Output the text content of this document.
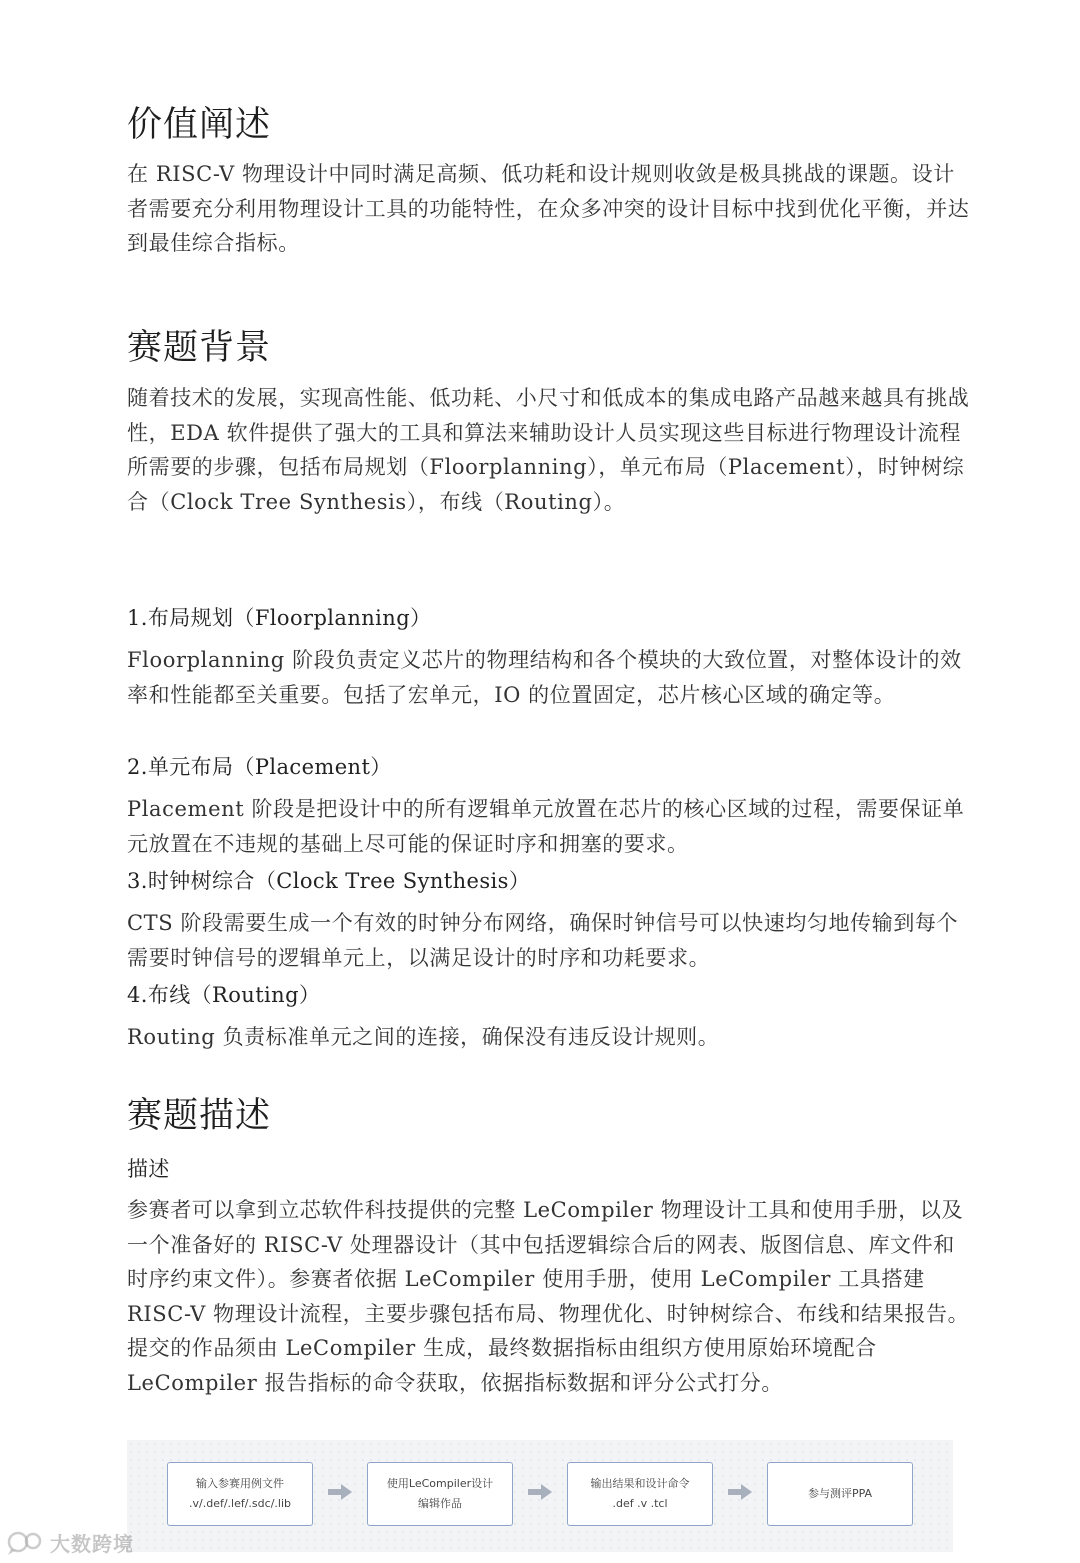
价值阐述

在 RISC-V 物理设计中同时满足高频、低功耗和设计规则收敛是极具挑战的课题。设计者需要充分利用物理设计工具的功能特性，在众多冲突的设计目标中找到优化平衡，并达到最佳综合指标。

赛题背景

随着技术的发展，实现高性能、低功耗、小尺寸和低成本的集成电路产品越来越具有挑战性，EDA 软件提供了强大的工具和算法来辅助设计人员实现这些目标进行物理设计流程所需要的步骤，包括布局规划（Floorplanning），单元布局（Placement），时钟树综合（Clock Tree Synthesis），布线（Routing）。

1.布局规划（Floorplanning）

Floorplanning 阶段负责定义芯片的物理结构和各个模块的大致位置，对整体设计的效率和性能都至关重要。包括了宏单元，IO 的位置固定，芯片核心区域的确定等。

2.单元布局（Placement）

Placement 阶段是把设计中的所有逻辑单元放置在芯片的核心区域的过程，需要保证单元放置在不违规的基础上尽可能的保证时序和拥塞的要求。

3.时钟树综合（Clock Tree Synthesis）

CTS 阶段需要生成一个有效的时钟分布网络，确保时钟信号可以快速均匀地传输到每个需要时钟信号的逻辑单元上，以满足设计的时序和功耗要求。

4.布线（Routing）

Routing 负责标准单元之间的连接，确保没有违反设计规则。

赛题描述
描述

参赛者可以拿到立芯软件科技提供的完整 LeCompiler 物理设计工具和使用手册，以及一个准备好的 RISC-V 处理器设计（其中包括逻辑综合后的网表、版图信息、库文件和时序约束文件）。参赛者依据 LeCompiler 使用手册，使用 LeCompiler 工具搭建 RISC-V 物理设计流程，主要步骤包括布局、物理优化、时钟树综合、布线和结果报告。提交的作品须由 LeCompiler 生成，最终数据指标由组织方使用原始环境配合 LeCompiler 报告指标的命令获取，依据指标数据和评分公式打分。

输入参赛用例文件
.v/.def/.lef/.sdc/.lib
使用LeCompiler设计
编辑作品
输出结果和设计命令
.def .v .tcl
参与测评PPA
大数跨境
